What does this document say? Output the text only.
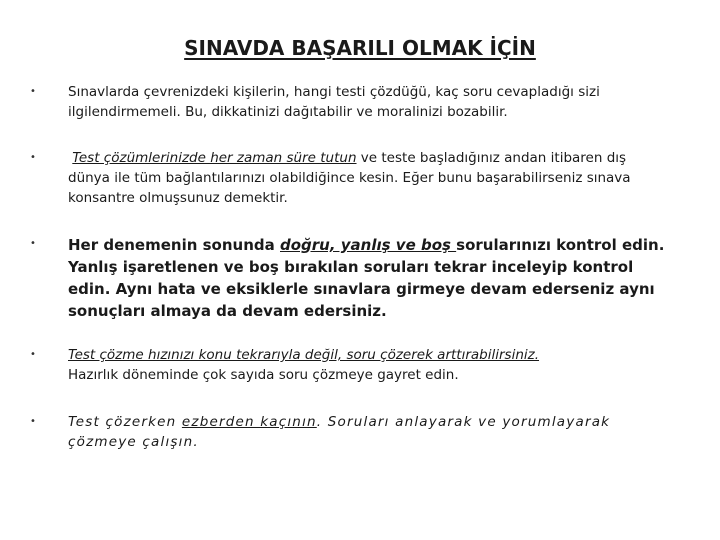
SINAVDA BAŞARILI OLMAK İÇİN
•	Sınavlarda çevrenizdeki kişilerin, hangi testi çözdüğü, kaç soru cevapladığı sizi ilgilendirmemeli. Bu, dikkatinizi dağıtabilir ve moralinizi bozabilir.
•	Test çözümlerinizde her zaman süre tutun ve teste başladığınız andan itibaren dış dünya ile tüm bağlantılarınızı olabildiğince kesin. Eğer bunu başarabilirseniz sınava konsantre olmuşsunuz demektir.
•	Her denemenin sonunda doğru, yanlış ve boş sorularınızı kontrol edin. Yanlış işaretlenen ve boş bırakılan soruları tekrar inceleyip kontrol edin. Aynı hata ve eksiklerle sınavlara girmeye devam ederseniz aynı sonuçları almaya da devam edersiniz.
•	Test çözme hızınızı konu tekrarıyla değil, soru çözerek arttırabilirsiniz.
Hazırlık döneminde çok sayıda soru çözmeye gayret edin.
•	Test çözerken ezberden kaçının. Soruları anlayarak ve yorumlayarak çözmeye çalışın.
